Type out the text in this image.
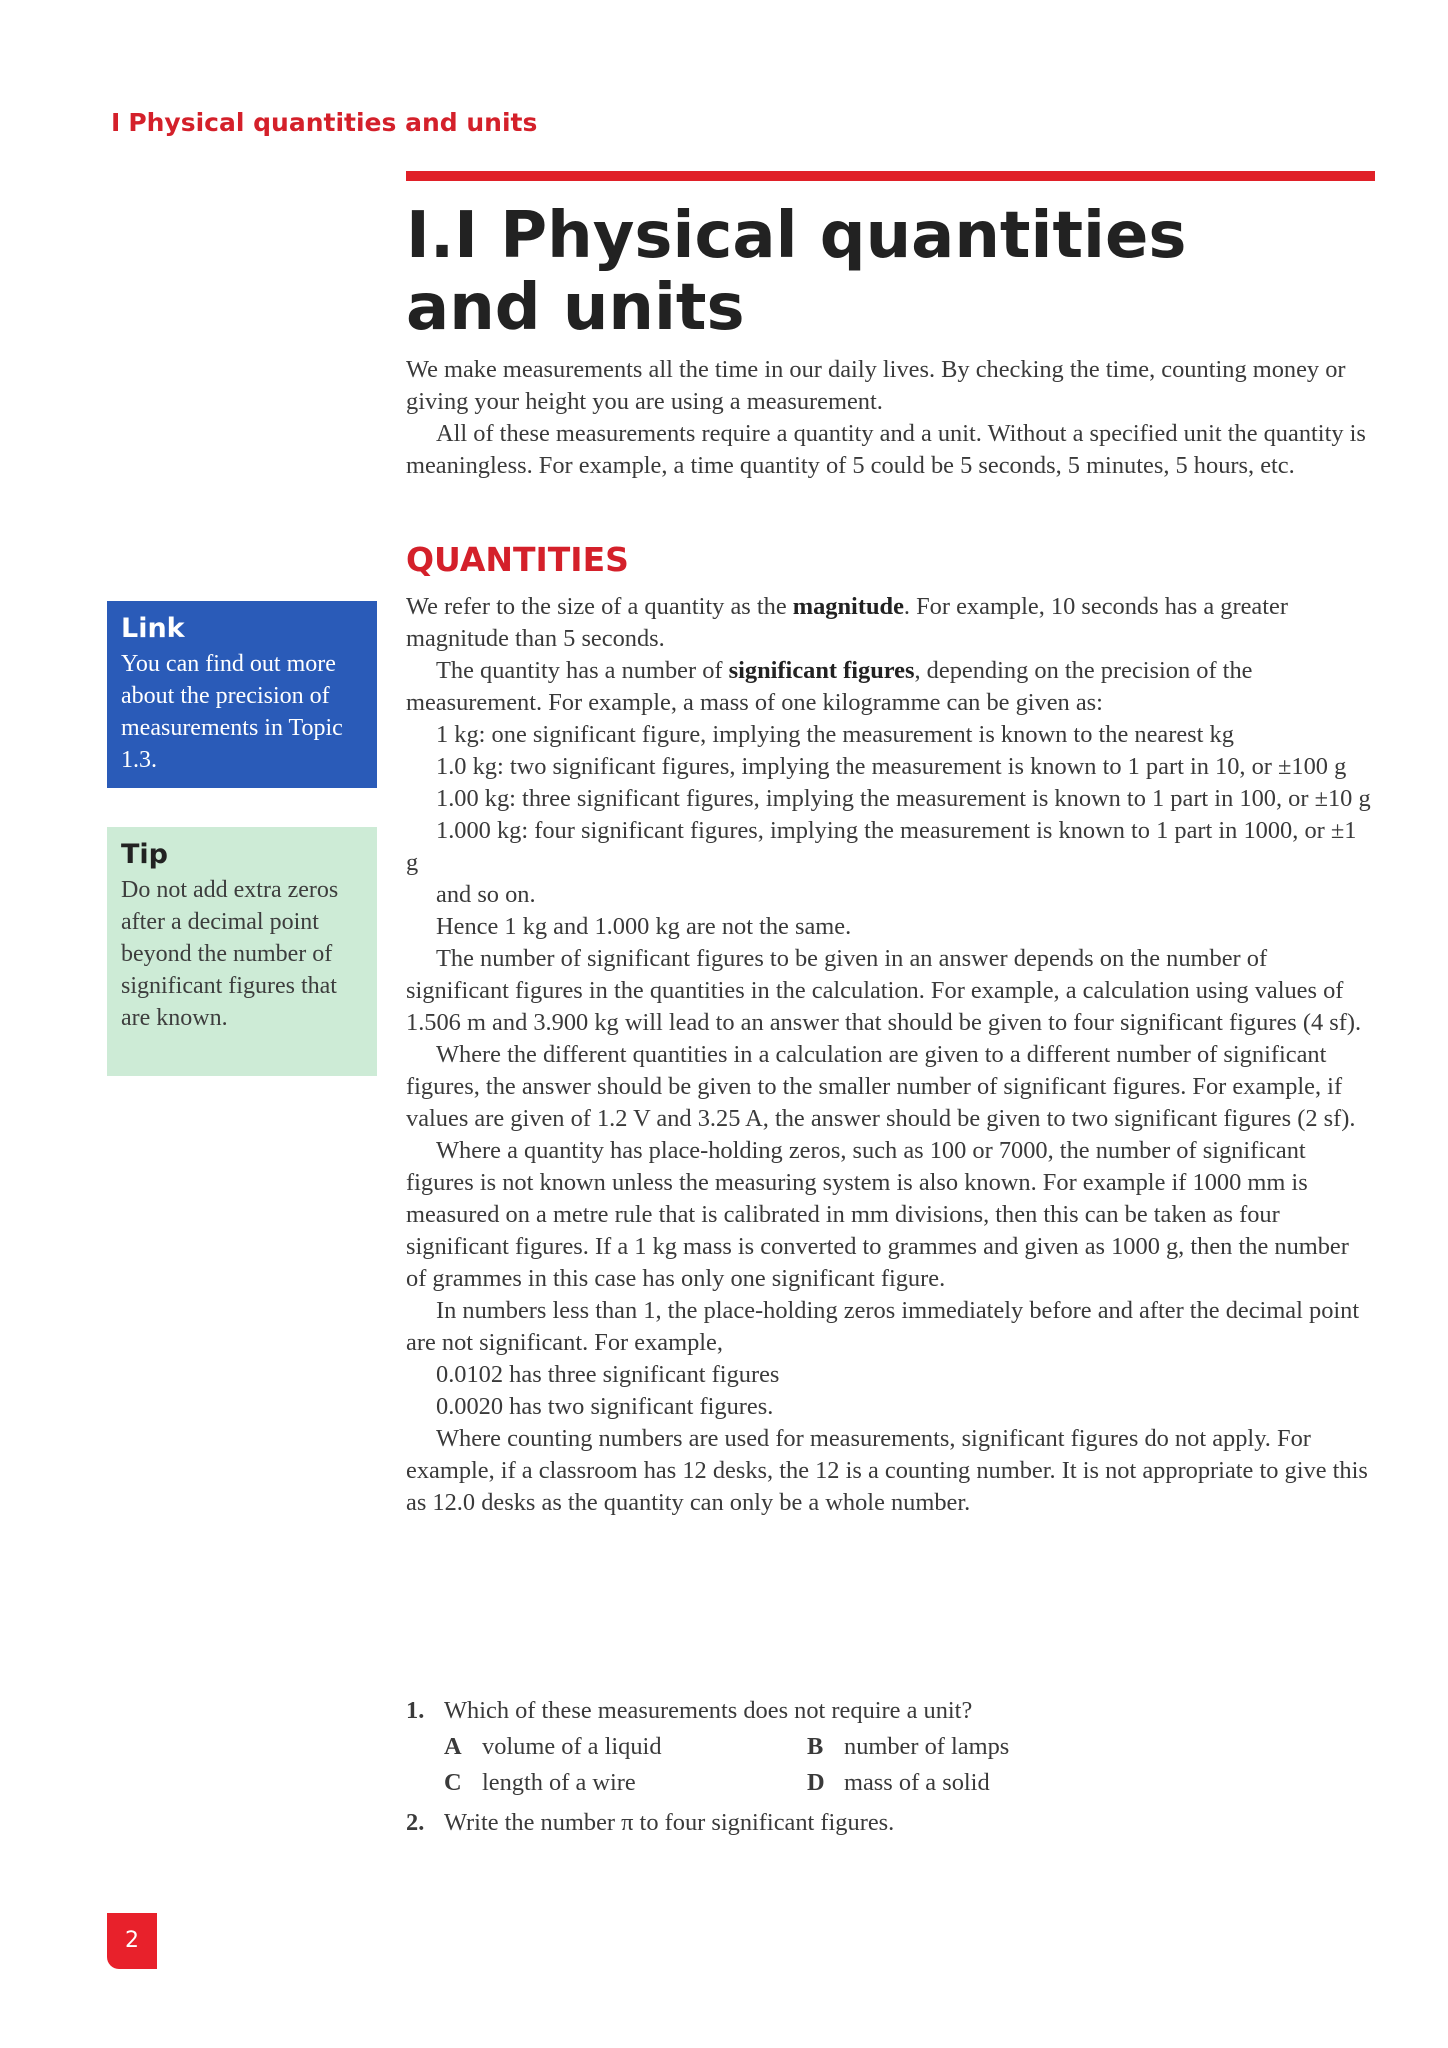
I Physical quantities and units
I.I Physical quantities
and units

We make measurements all the time in our daily lives. By checking the time, counting money or giving your height you are using a measurement.

All of these measurements require a quantity and a unit. Without a specified unit the quantity is meaningless. For example, a time quantity of 5 could be 5 seconds, 5 minutes, 5 hours, etc.

QUANTITIES

We refer to the size of a quantity as the magnitude. For example, 10 seconds has a greater magnitude than 5 seconds.

The quantity has a number of significant figures, depending on the precision of the measurement. For example, a mass of one kilogramme can be given as:

1 kg: one significant figure, implying the measurement is known to the nearest kg

1.0 kg: two significant figures, implying the measurement is known to 1 part in 10, or ±100 g

1.00 kg: three significant figures, implying the measurement is known to 1 part in 100, or ±10 g

1.000 kg: four significant figures, implying the measurement is known to 1 part in 1000, or ±1 g

and so on.

Hence 1 kg and 1.000 kg are not the same.

The number of significant figures to be given in an answer depends on the number of significant figures in the quantities in the calculation. For example, a calculation using values of 1.506 m and 3.900 kg will lead to an answer that should be given to four significant figures (4 sf).

Where the different quantities in a calculation are given to a different number of significant figures, the answer should be given to the smaller number of significant figures. For example, if values are given of 1.2 V and 3.25 A, the answer should be given to two significant figures (2 sf).

Where a quantity has place-holding zeros, such as 100 or 7000, the number of significant figures is not known unless the measuring system is also known. For example if 1000 mm is measured on a metre rule that is calibrated in mm divisions, then this can be taken as four significant figures. If a 1 kg mass is converted to grammes and given as 1000 g, then the number of grammes in this case has only one significant figure.

In numbers less than 1, the place-holding zeros immediately before and after the decimal point are not significant. For example,

0.0102 has three significant figures

0.0020 has two significant figures.

Where counting numbers are used for measurements, significant figures do not apply. For example, if a classroom has 12 desks, the 12 is a counting number. It is not appropriate to give this as 12.0 desks as the quantity can only be a whole number.

1. Which of these measurements does not require a unit?
A volume of a liquid	B number of lamps
C length of a wire	D mass of a solid
2. Write the number π to four significant figures.
Link

You can find out more about the precision of measurements in Topic 1.3.

Tip

Do not add extra zeros after a decimal point beyond the number of significant figures that are known.

2
